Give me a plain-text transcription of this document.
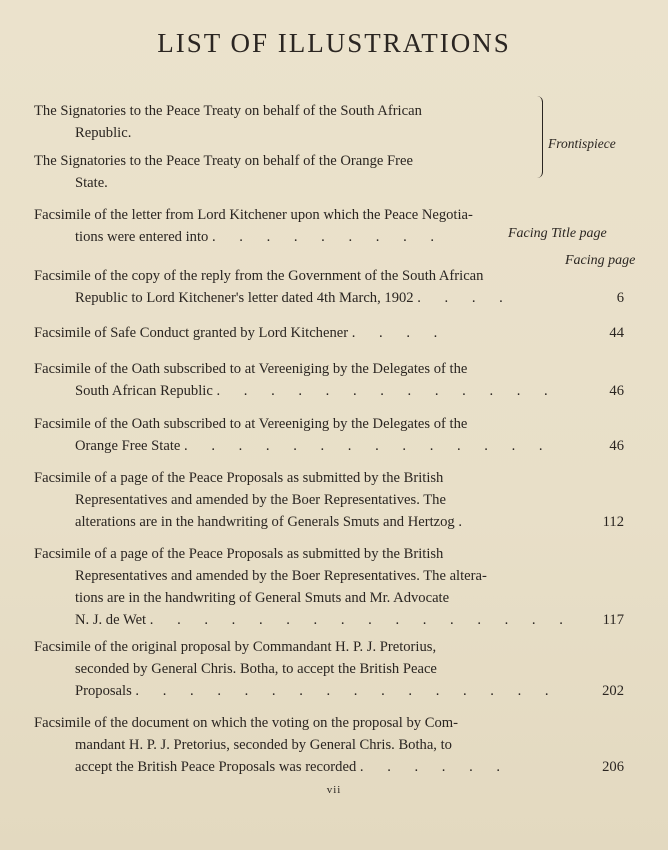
LIST OF ILLUSTRATIONS
The Signatories to the Peace Treaty on behalf of the South African
Republic.
The Signatories to the Peace Treaty on behalf of the Orange Free
State.
Frontispiece
Facsimile of the letter from Lord Kitchener upon which the Peace Negotia-
tions were entered into . . . . . . . . .	Facing Title page
Facing page
Facsimile of the copy of the reply from the Government of the South African
Republic to Lord Kitchener's letter dated 4th March, 1902 . . . .	6
Facsimile of Safe Conduct granted by Lord Kitchener . . . .	44
Facsimile of the Oath subscribed to at Vereeniging by the Delegates of the
South African Republic . . . . . . . . . . . . .	46
Facsimile of the Oath subscribed to at Vereeniging by the Delegates of the
Orange Free State . . . . . . . . . . . . . .	46
Facsimile of a page of the Peace Proposals as submitted by the British
Representatives and amended by the Boer Representatives. The
alterations are in the handwriting of Generals Smuts and Hertzog .	112
Facsimile of a page of the Peace Proposals as submitted by the British
Representatives and amended by the Boer Representatives. The altera-
tions are in the handwriting of General Smuts and Mr. Advocate
N. J. de Wet . . . . . . . . . . . . . . . . 117
Facsimile of the original proposal by Commandant H. P. J. Pretorius,
seconded by General Chris. Botha, to accept the British Peace
Proposals . . . . . . . . . . . . . . . .	202
Facsimile of the document on which the voting on the proposal by Com-
mandant H. P. J. Pretorius, seconded by General Chris. Botha, to
accept the British Peace Proposals was recorded . . . . . .	206
vii
